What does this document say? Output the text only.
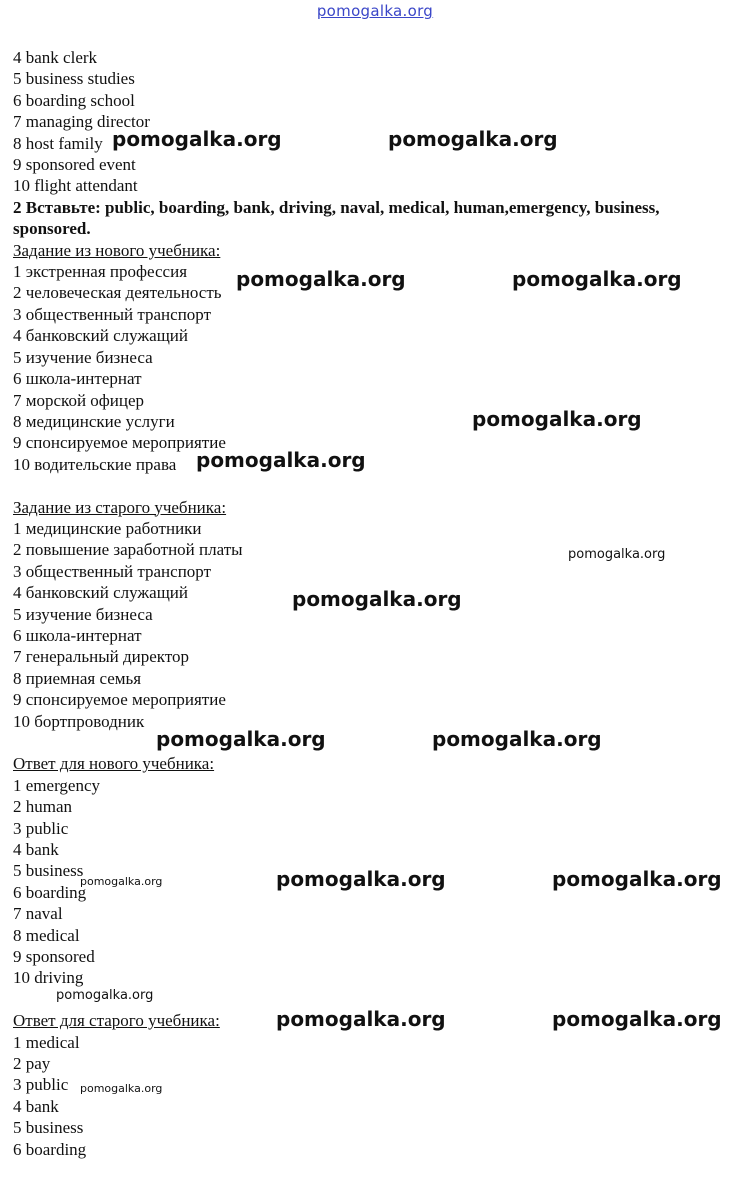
pomogalka.org
4 bank clerk
5 business studies
6 boarding school
7 managing director
8 host family
9 sponsored event
10 flight attendant
2 Вставьте: public, boarding, bank, driving, naval, medical, human,emergency, business, sponsored.
Задание из нового учебника:
1 экстренная профессия
2 человеческая деятельность
3 общественный транспорт
4 банковский служащий
5 изучение бизнеса
6 школа-интернат
7 морской офицер
8 медицинские услуги
9 спонсируемое мероприятие
10 водительские права
Задание из старого учебника:
1 медицинские работники
2 повышение заработной платы
3 общественный транспорт
4 банковский служащий
5 изучение бизнеса
6 школа-интернат
7 генеральный директор
8 приемная семья
9 спонсируемое мероприятие
10 бортпроводник
Ответ для нового учебника:
1 emergency
2 human
3 public
4 bank
5 business
6 boarding
7 naval
8 medical
9 sponsored
10 driving
Ответ для старого учебника:
1 medical
2 pay
3 public
4 bank
5 business
6 boarding
pomogalka.org	pomogalka.org
pomogalka.org	pomogalka.org
pomogalka.org
pomogalka.org
pomogalka.org
pomogalka.org
pomogalka.org	pomogalka.org
pomogalka.org	pomogalka.org	pomogalka.org
pomogalka.org
pomogalka.org	pomogalka.org
pomogalka.org
